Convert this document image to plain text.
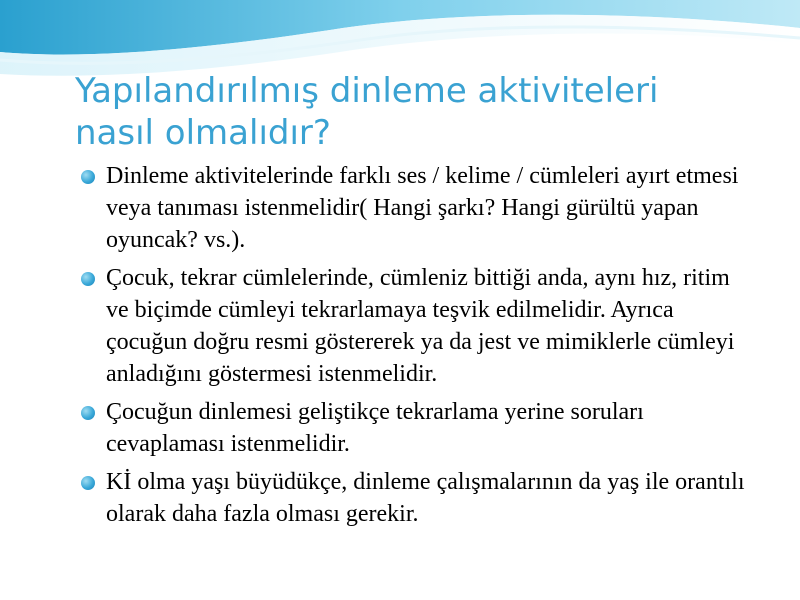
Yapılandırılmış dinleme aktiviteleri
nasıl olmalıdır?
Dinleme aktivitelerinde farklı ses / kelime / cümleleri ayırt etmesi veya tanıması istenmelidir( Hangi şarkı? Hangi gürültü yapan oyuncak? vs.).
Çocuk, tekrar cümlelerinde, cümleniz bittiği anda, aynı hız, ritim ve biçimde cümleyi tekrarlamaya teşvik edilmelidir. Ayrıca çocuğun doğru resmi göstererek ya da jest ve mimiklerle cümleyi anladığını göstermesi istenmelidir.
Çocuğun dinlemesi geliştikçe tekrarlama yerine soruları cevaplaması istenmelidir.
Kİ olma yaşı büyüdükçe, dinleme çalışmalarının da yaş ile orantılı olarak daha fazla olması gerekir.
